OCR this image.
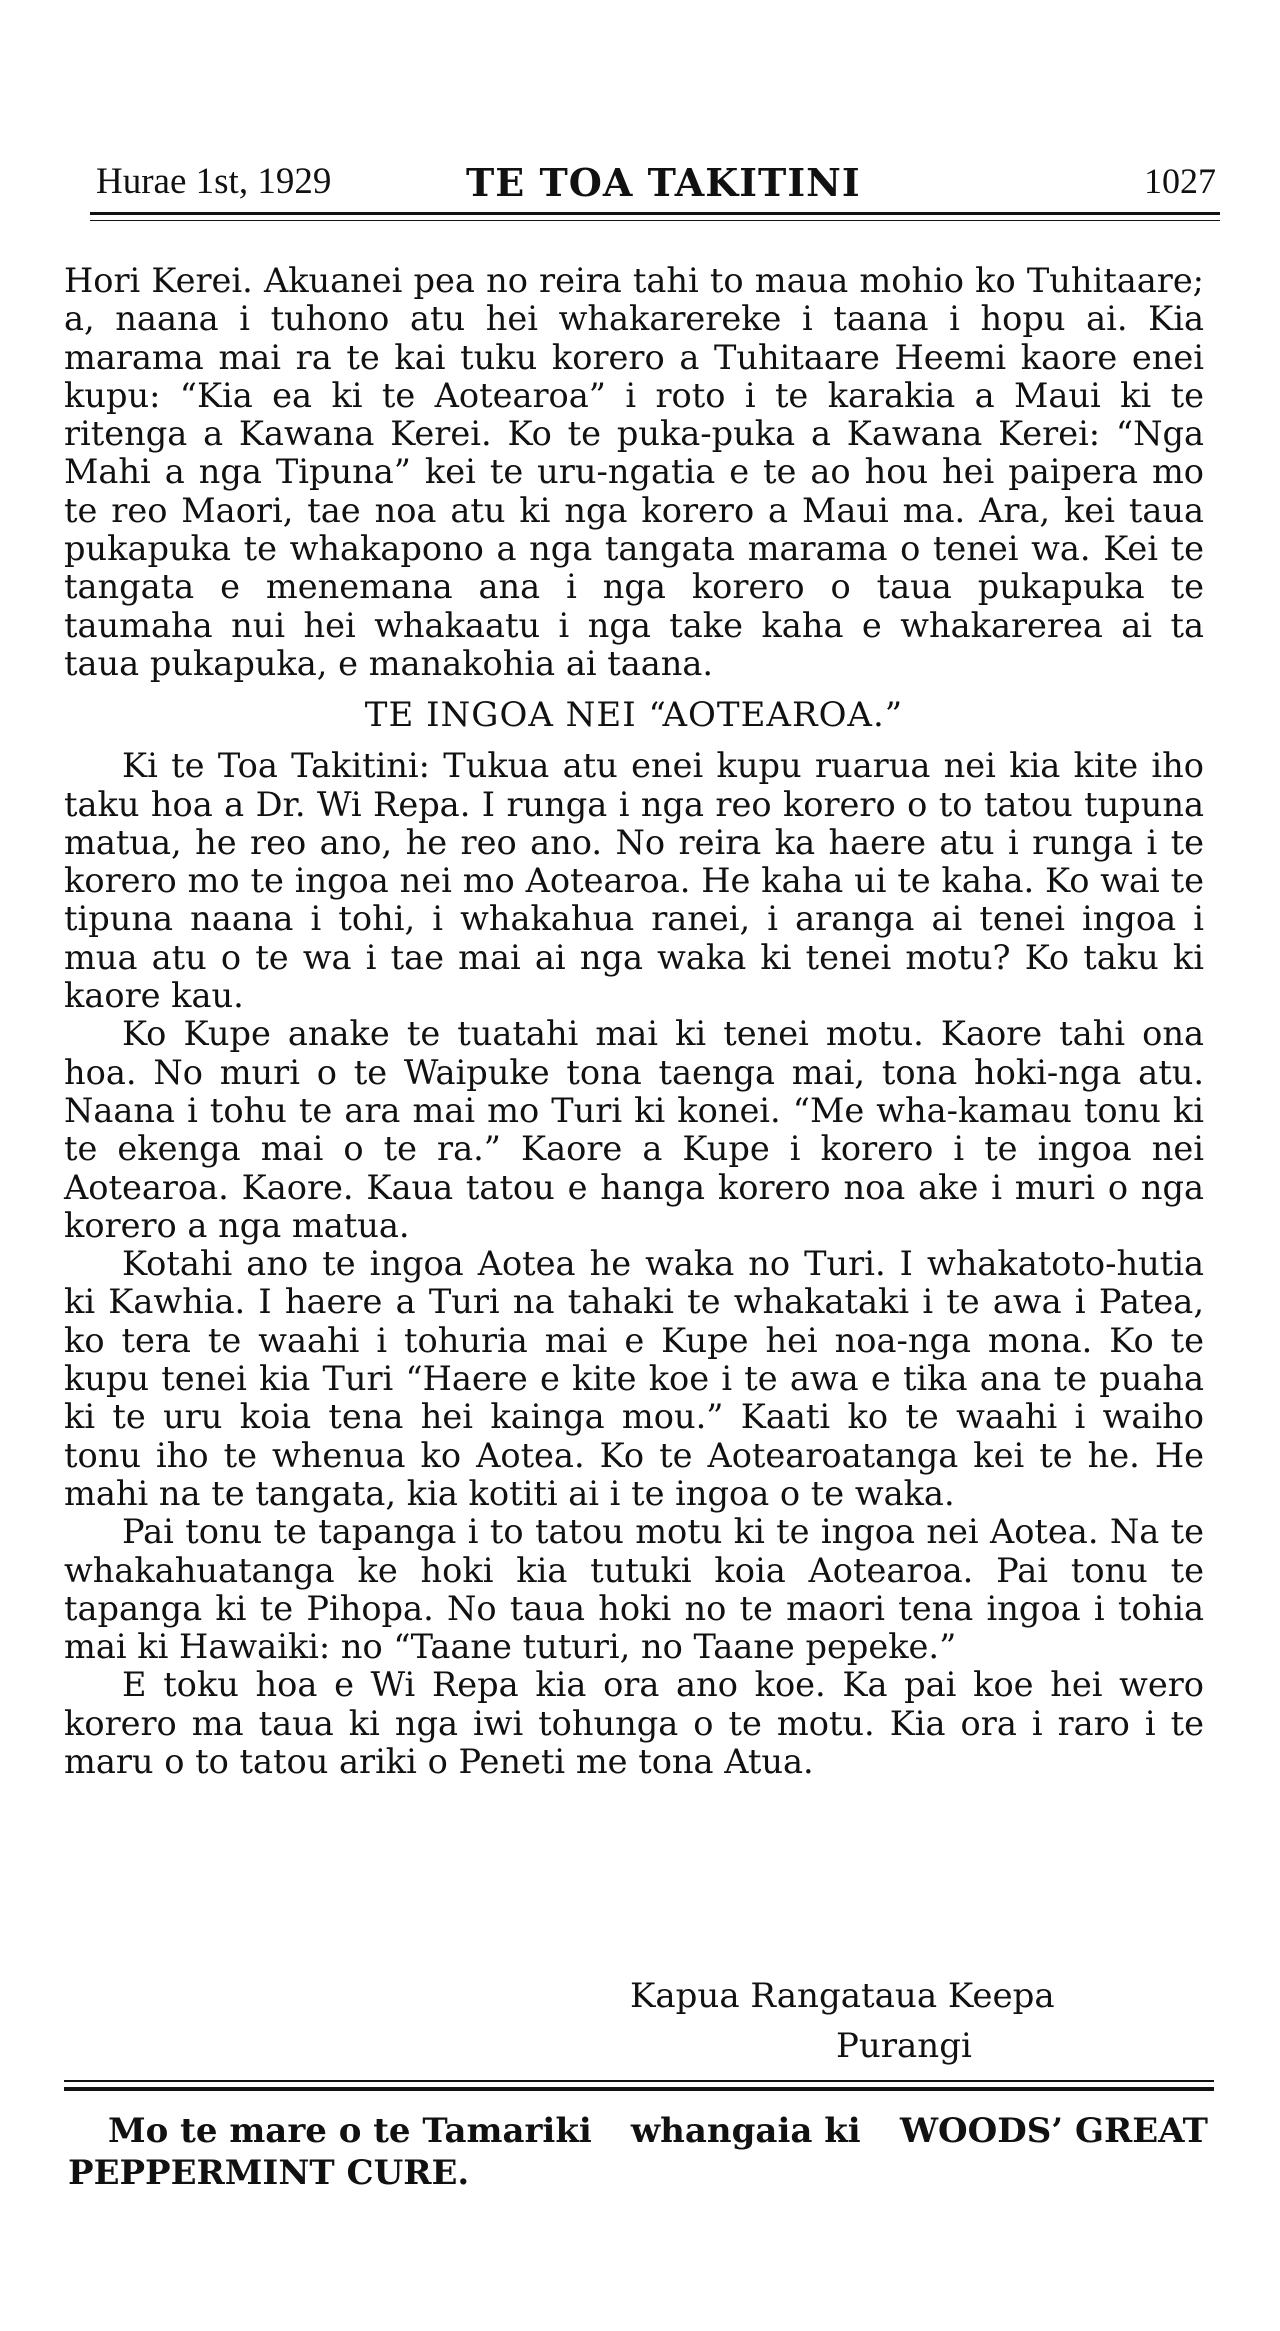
Hurae 1st, 1929	TE TOA TAKITINI	1027

Hori Kerei. Akuanei pea no reira tahi to maua mohio ko Tuhitaare; a, naana i tuhono atu hei whakarereke i taana i hopu ai. Kia marama mai ra te kai tuku korero a Tuhitaare Heemi kaore enei kupu: “Kia ea ki te Aotearoa” i roto i te karakia a Maui ki te ritenga a Kawana Kerei. Ko te puka-puka a Kawana Kerei: “Nga Mahi a nga Tipuna” kei te uru-ngatia e te ao hou hei paipera mo te reo Maori, tae noa atu ki nga korero a Maui ma. Ara, kei taua pukapuka te whakapono a nga tangata marama o tenei wa. Kei te tangata e menemana ana i nga korero o taua pukapuka te taumaha nui hei whakaatu i nga take kaha e whakarerea ai ta taua pukapuka, e manakohia ai taana.

TE INGOA NEI “AOTEAROA.”

Ki te Toa Takitini: Tukua atu enei kupu ruarua nei kia kite iho taku hoa a Dr. Wi Repa. I runga i nga reo korero o to tatou tupuna matua, he reo ano, he reo ano. No reira ka haere atu i runga i te korero mo te ingoa nei mo Aotearoa. He kaha ui te kaha. Ko wai te tipuna naana i tohi, i whakahua ranei, i aranga ai tenei ingoa i mua atu o te wa i tae mai ai nga waka ki tenei motu? Ko taku ki kaore kau.

Ko Kupe anake te tuatahi mai ki tenei motu. Kaore tahi ona hoa. No muri o te Waipuke tona taenga mai, tona hoki-nga atu. Naana i tohu te ara mai mo Turi ki konei. “Me wha-kamau tonu ki te ekenga mai o te ra.” Kaore a Kupe i korero i te ingoa nei Aotearoa. Kaore. Kaua tatou e hanga korero noa ake i muri o nga korero a nga matua.

Kotahi ano te ingoa Aotea he waka no Turi. I whakatoto-hutia ki Kawhia. I haere a Turi na tahaki te whakataki i te awa i Patea, ko tera te waahi i tohuria mai e Kupe hei noa-nga mona. Ko te kupu tenei kia Turi “Haere e kite koe i te awa e tika ana te puaha ki te uru koia tena hei kainga mou.” Kaati ko te waahi i waiho tonu iho te whenua ko Aotea. Ko te Aotearoatanga kei te he. He mahi na te tangata, kia kotiti ai i te ingoa o te waka.

Pai tonu te tapanga i to tatou motu ki te ingoa nei Aotea. Na te whakahuatanga ke hoki kia tutuki koia Aotearoa. Pai tonu te tapanga ki te Pihopa. No taua hoki no te maori tena ingoa i tohia mai ki Hawaiki: no “Taane tuturi, no Taane pepeke.”

E toku hoa e Wi Repa kia ora ano koe. Ka pai koe hei wero korero ma taua ki nga iwi tohunga o te motu. Kia ora i raro i te maru o to tatou ariki o Peneti me tona Atua.

Kapua Rangataua Keepa
Purangi
Mo te mare o te Tamariki whangaia ki WOODS’ GREAT
PEPPERMINT CURE.
